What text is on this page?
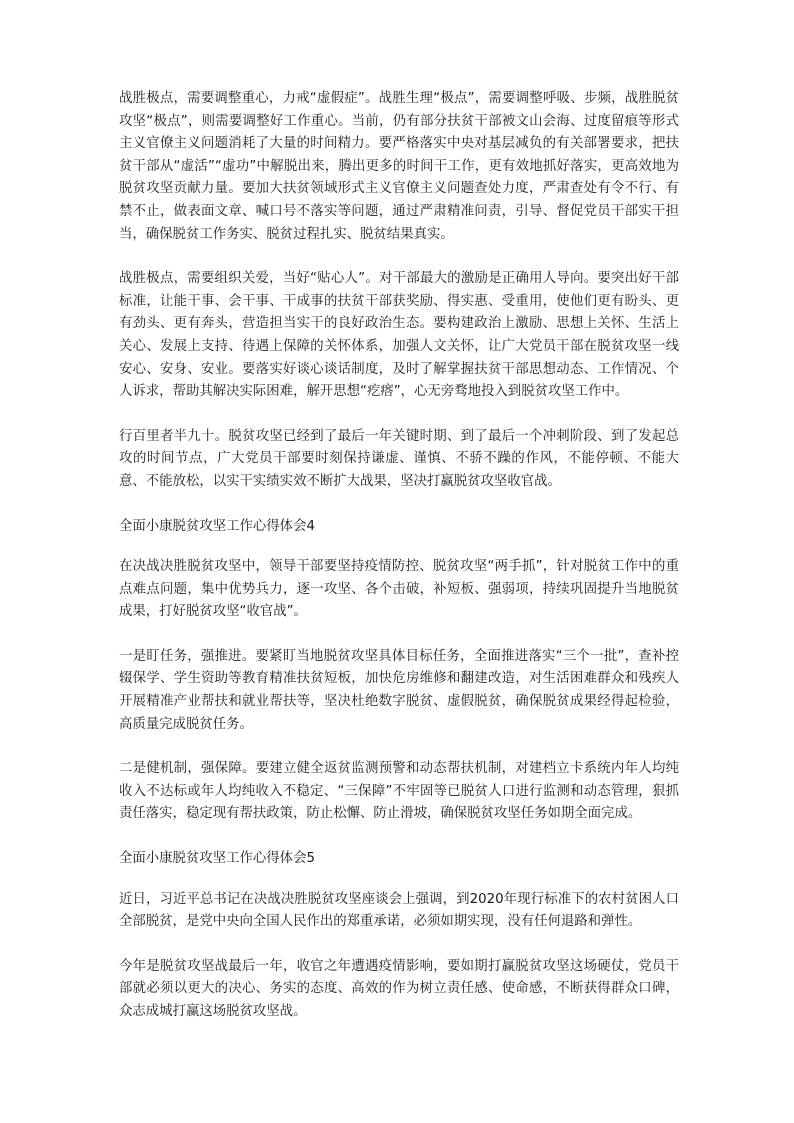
战胜极点，需要调整重心，力戒“虚假症”。战胜生理“极点”，需要调整呼吸、步频，战胜脱贫攻坚“极点”，则需要调整好工作重心。当前，仍有部分扶贫干部被文山会海、过度留痕等形式主义官僚主义问题消耗了大量的时间精力。要严格落实中央对基层减负的有关部署要求，把扶贫干部从“虚活”“虚功”中解脱出来，腾出更多的时间干工作，更有效地抓好落实，更高效地为脱贫攻坚贡献力量。要加大扶贫领域形式主义官僚主义问题查处力度，严肃查处有令不行、有禁不止，做表面文章、喊口号不落实等问题，通过严肃精准问责，引导、督促党员干部实干担当，确保脱贫工作务实、脱贫过程扎实、脱贫结果真实。

战胜极点，需要组织关爱，当好“贴心人”。对干部最大的激励是正确用人导向。要突出好干部标准，让能干事、会干事、干成事的扶贫干部获奖励、得实惠、受重用，使他们更有盼头、更有劲头、更有奔头，营造担当实干的良好政治生态。要构建政治上激励、思想上关怀、生活上关心、发展上支持、待遇上保障的关怀体系，加强人文关怀，让广大党员干部在脱贫攻坚一线安心、安身、安业。要落实好谈心谈话制度，及时了解掌握扶贫干部思想动态、工作情况、个人诉求，帮助其解决实际困难，解开思想“疙瘩”，心无旁骛地投入到脱贫攻坚工作中。

行百里者半九十。脱贫攻坚已经到了最后一年关键时期、到了最后一个冲刺阶段、到了发起总攻的时间节点，广大党员干部要时刻保持谦虚、谨慎、不骄不躁的作风，不能停顿、不能大意、不能放松，以实干实绩实效不断扩大战果，坚决打赢脱贫攻坚收官战。

全面小康脱贫攻坚工作心得体会4

在决战决胜脱贫攻坚中，领导干部要坚持疫情防控、脱贫攻坚“两手抓”，针对脱贫工作中的重点难点问题，集中优势兵力，逐一攻坚、各个击破，补短板、强弱项，持续巩固提升当地脱贫成果，打好脱贫攻坚“收官战”。

一是盯任务，强推进。要紧盯当地脱贫攻坚具体目标任务，全面推进落实“三个一批”，查补控辍保学、学生资助等教育精准扶贫短板，加快危房维修和翻建改造，对生活困难群众和残疾人开展精准产业帮扶和就业帮扶等，坚决杜绝数字脱贫、虚假脱贫，确保脱贫成果经得起检验，高质量完成脱贫任务。

二是健机制，强保障。要建立健全返贫监测预警和动态帮扶机制，对建档立卡系统内年人均纯收入不达标或年人均纯收入不稳定、“三保障”不牢固等已脱贫人口进行监测和动态管理，狠抓责任落实，稳定现有帮扶政策，防止松懈、防止滑坡，确保脱贫攻坚任务如期全面完成。

全面小康脱贫攻坚工作心得体会5

近日，习近平总书记在决战决胜脱贫攻坚座谈会上强调，到2020年现行标准下的农村贫困人口全部脱贫，是党中央向全国人民作出的郑重承诺，必须如期实现，没有任何退路和弹性。

今年是脱贫攻坚战最后一年，收官之年遭遇疫情影响，要如期打赢脱贫攻坚这场硬仗，党员干部就必须以更大的决心、务实的态度、高效的作为树立责任感、使命感，不断获得群众口碑，众志成城打赢这场脱贫攻坚战。
